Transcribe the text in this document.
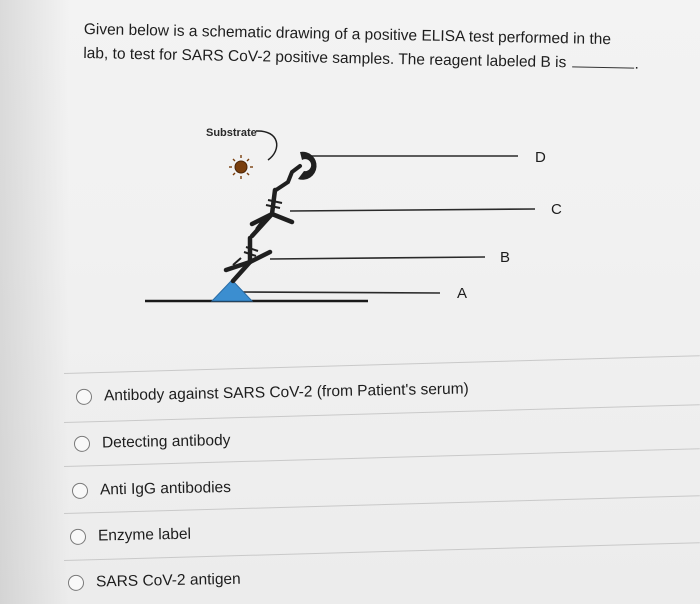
Given below is a schematic drawing of a positive ELISA test performed in the
lab, to test for SARS CoV-2 positive samples. The reagent labeled B is	.
Substrate
D
C
B
A
Antibody against SARS CoV-2 (from Patient's serum)
Detecting antibody
Anti IgG antibodies
Enzyme label
SARS CoV-2 antigen
